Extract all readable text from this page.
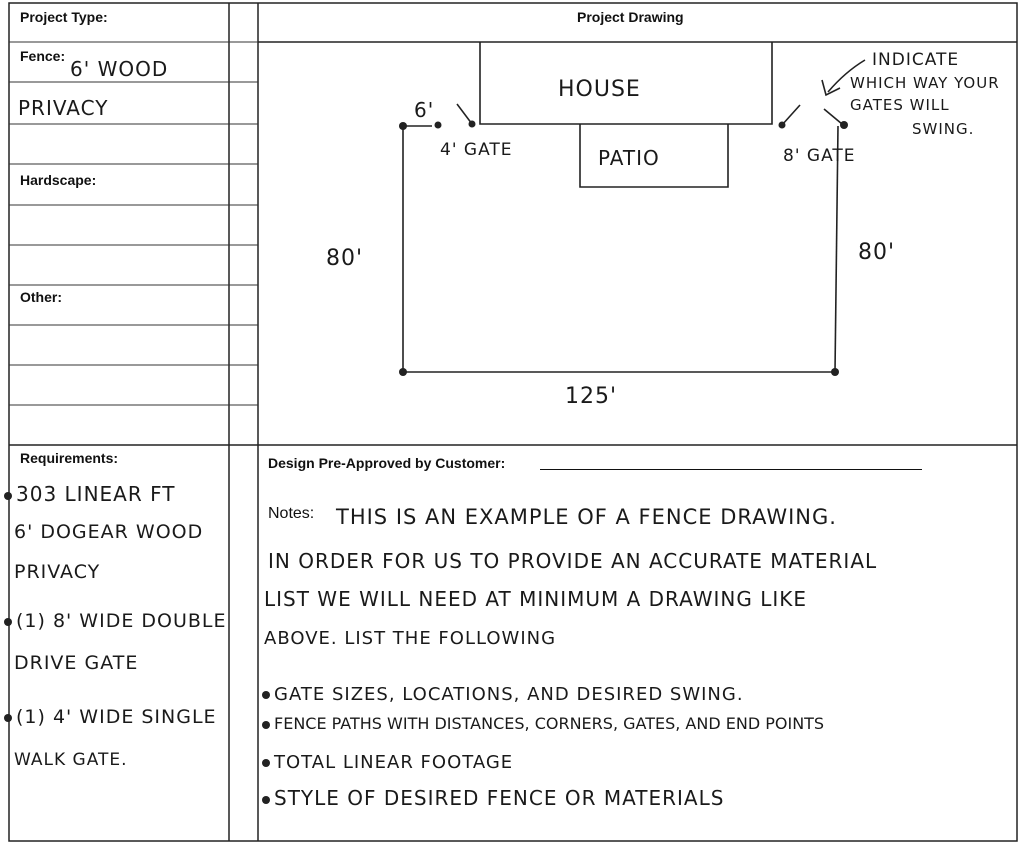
Project Type:
Fence:
6' WOOD
PRIVACY
Hardscape:
Other:
Project Drawing
HOUSE
PATIO
6'
4' GATE	8' GATE
80'	80'
125'
INDICATE
WHICH WAY YOUR
GATES WILL
SWING.
Requirements:
303 LINEAR FT
6' DOGEAR WOOD
PRIVACY
(1) 8' WIDE DOUBLE
DRIVE GATE
(1) 4' WIDE SINGLE
WALK GATE.
Design Pre-Approved by Customer:
Notes: THIS IS AN EXAMPLE OF A FENCE DRAWING.
IN ORDER FOR US TO PROVIDE AN ACCURATE MATERIAL
LIST WE WILL NEED AT MINIMUM A DRAWING LIKE
ABOVE. LIST THE FOLLOWING
GATE SIZES, LOCATIONS, AND DESIRED SWING.
FENCE PATHS WITH DISTANCES, CORNERS, GATES, AND END POINTS
TOTAL LINEAR FOOTAGE
STYLE OF DESIRED FENCE OR MATERIALS
